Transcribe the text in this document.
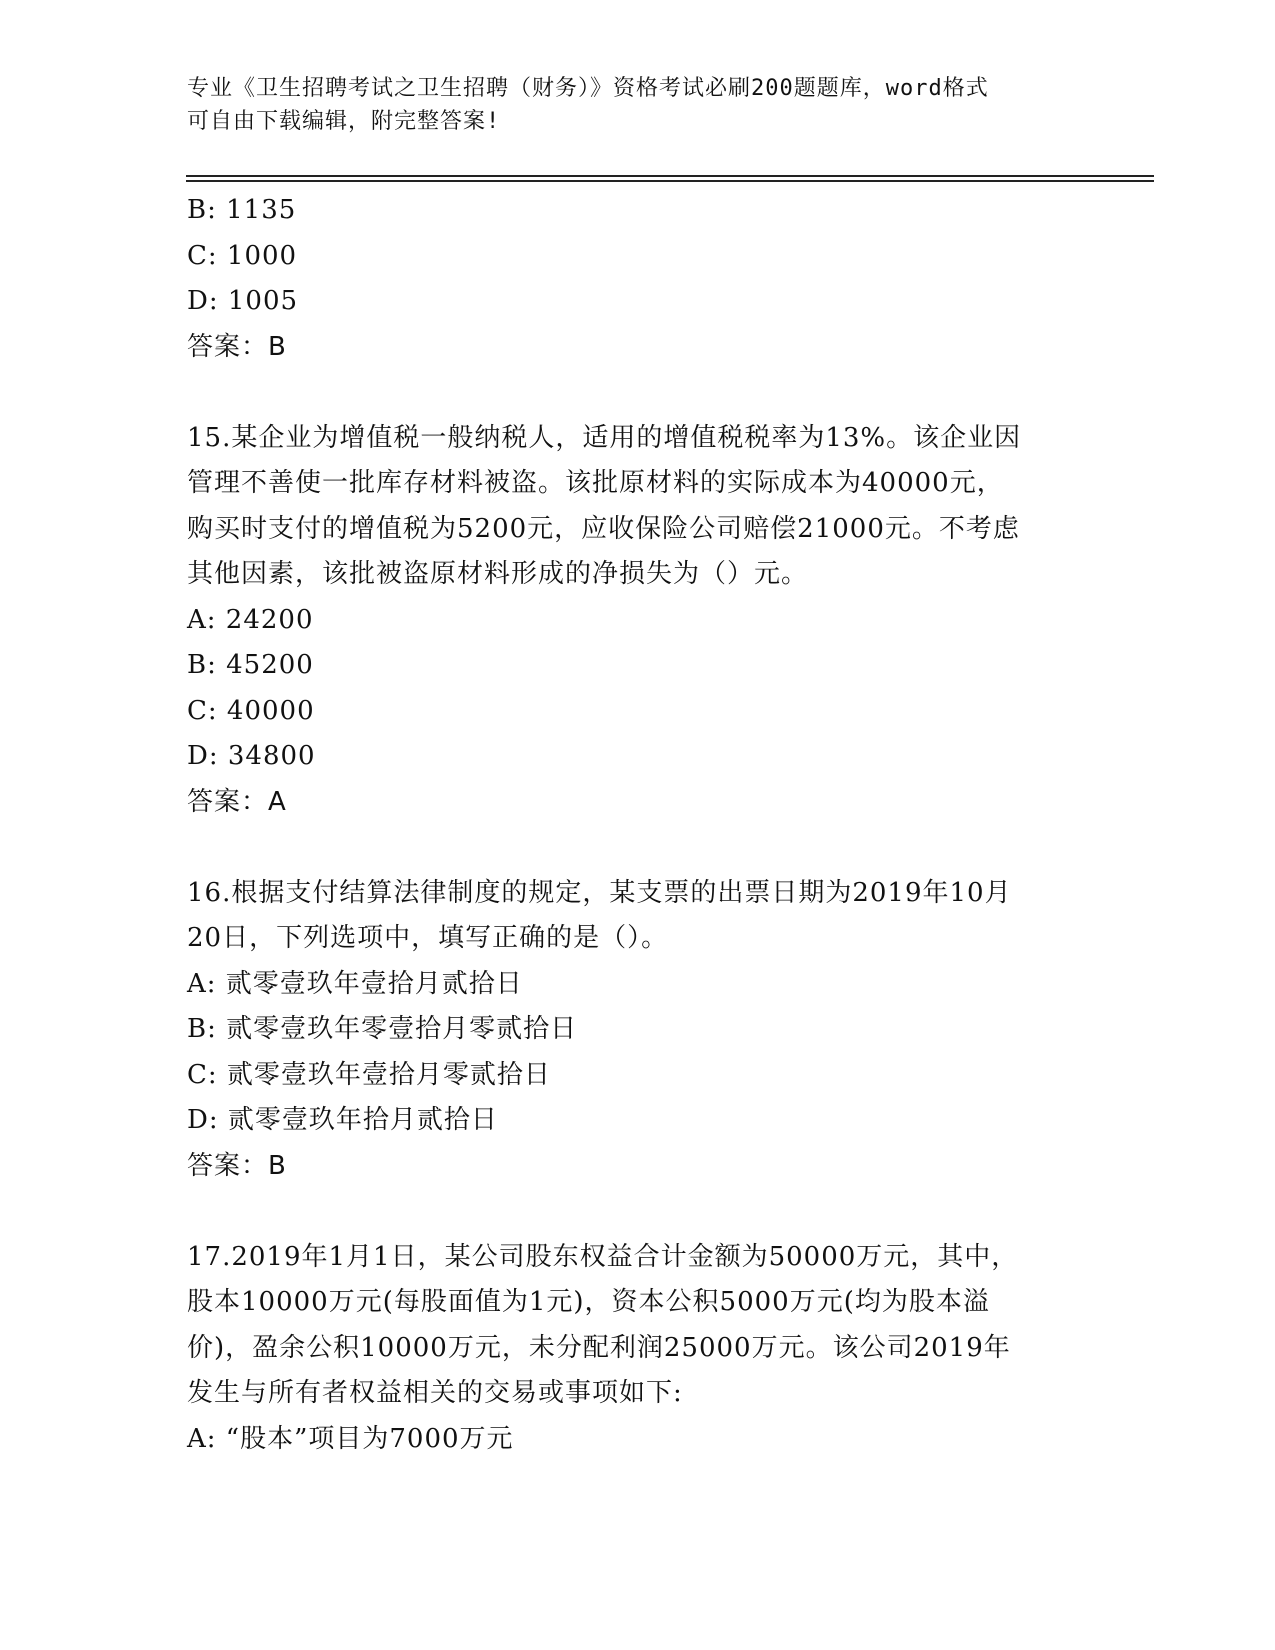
专业《卫生招聘考试之卫生招聘（财务）》资格考试必刷200题题库，word格式
可自由下载编辑，附完整答案!
B: 1135
C: 1000
D: 1005
答案：B
15.某企业为增值税一般纳税人，适用的增值税税率为13%。该企业因
管理不善使一批库存材料被盗。该批原材料的实际成本为40000元，
购买时支付的增值税为5200元，应收保险公司赔偿21000元。不考虑
其他因素，该批被盗原材料形成的净损失为（）元。
A: 24200
B: 45200
C: 40000
D: 34800
答案：A
16.根据支付结算法律制度的规定，某支票的出票日期为2019年10月
20日，下列选项中，填写正确的是（）。
A: 贰零壹玖年壹拾月贰拾日
B: 贰零壹玖年零壹拾月零贰拾日
C: 贰零壹玖年壹拾月零贰拾日
D: 贰零壹玖年拾月贰拾日
答案：B
17.2019年1月1日，某公司股东权益合计金额为50000万元，其中，
股本10000万元(每股面值为1元)，资本公积5000万元(均为股本溢
价)，盈余公积10000万元，未分配利润25000万元。该公司2019年
发生与所有者权益相关的交易或事项如下:
A: “股本”项目为7000万元
